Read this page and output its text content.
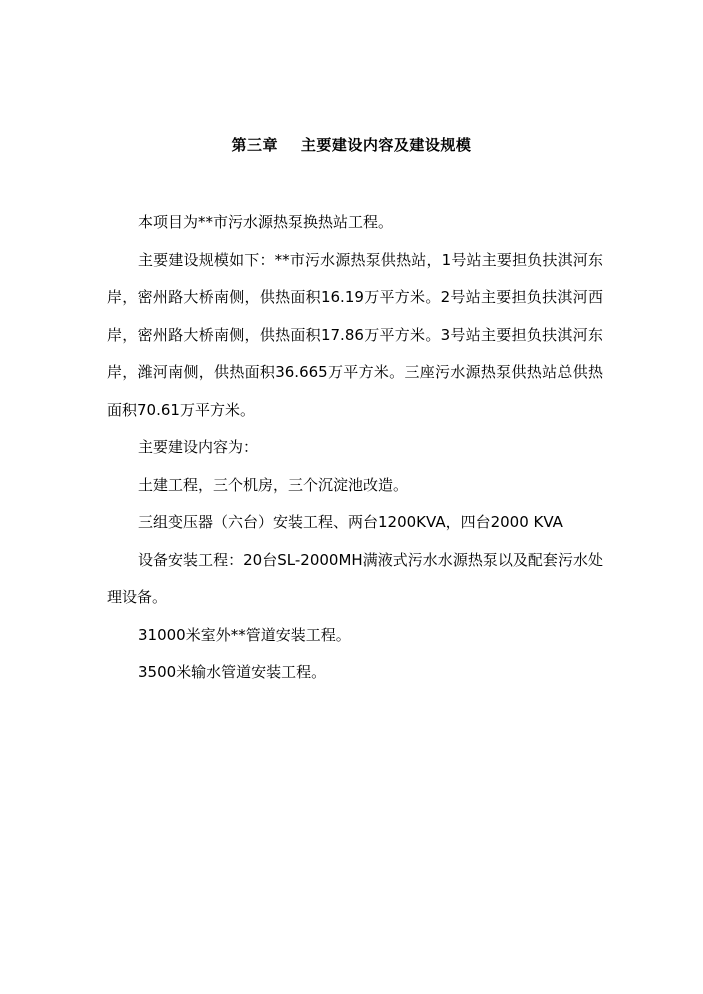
第三章    主要建设内容及建设规模

本项目为**市污水源热泵换热站工程。

主要建设规模如下：**市污水源热泵供热站，1号站主要担负扶淇河东岸，密州路大桥南侧，供热面积16.19万平方米。2号站主要担负扶淇河西岸，密州路大桥南侧，供热面积17.86万平方米。3号站主要担负扶淇河东岸，潍河南侧，供热面积36.665万平方米。三座污水源热泵供热站总供热面积70.61万平方米。

主要建设内容为：

土建工程，三个机房，三个沉淀池改造。

三组变压器（六台）安装工程、两台1200KVA，四台2000 KVA

设备安装工程：20台SL-2000MH满液式污水水源热泵以及配套污水处理设备。

31000米室外**管道安装工程。

3500米输水管道安装工程。
